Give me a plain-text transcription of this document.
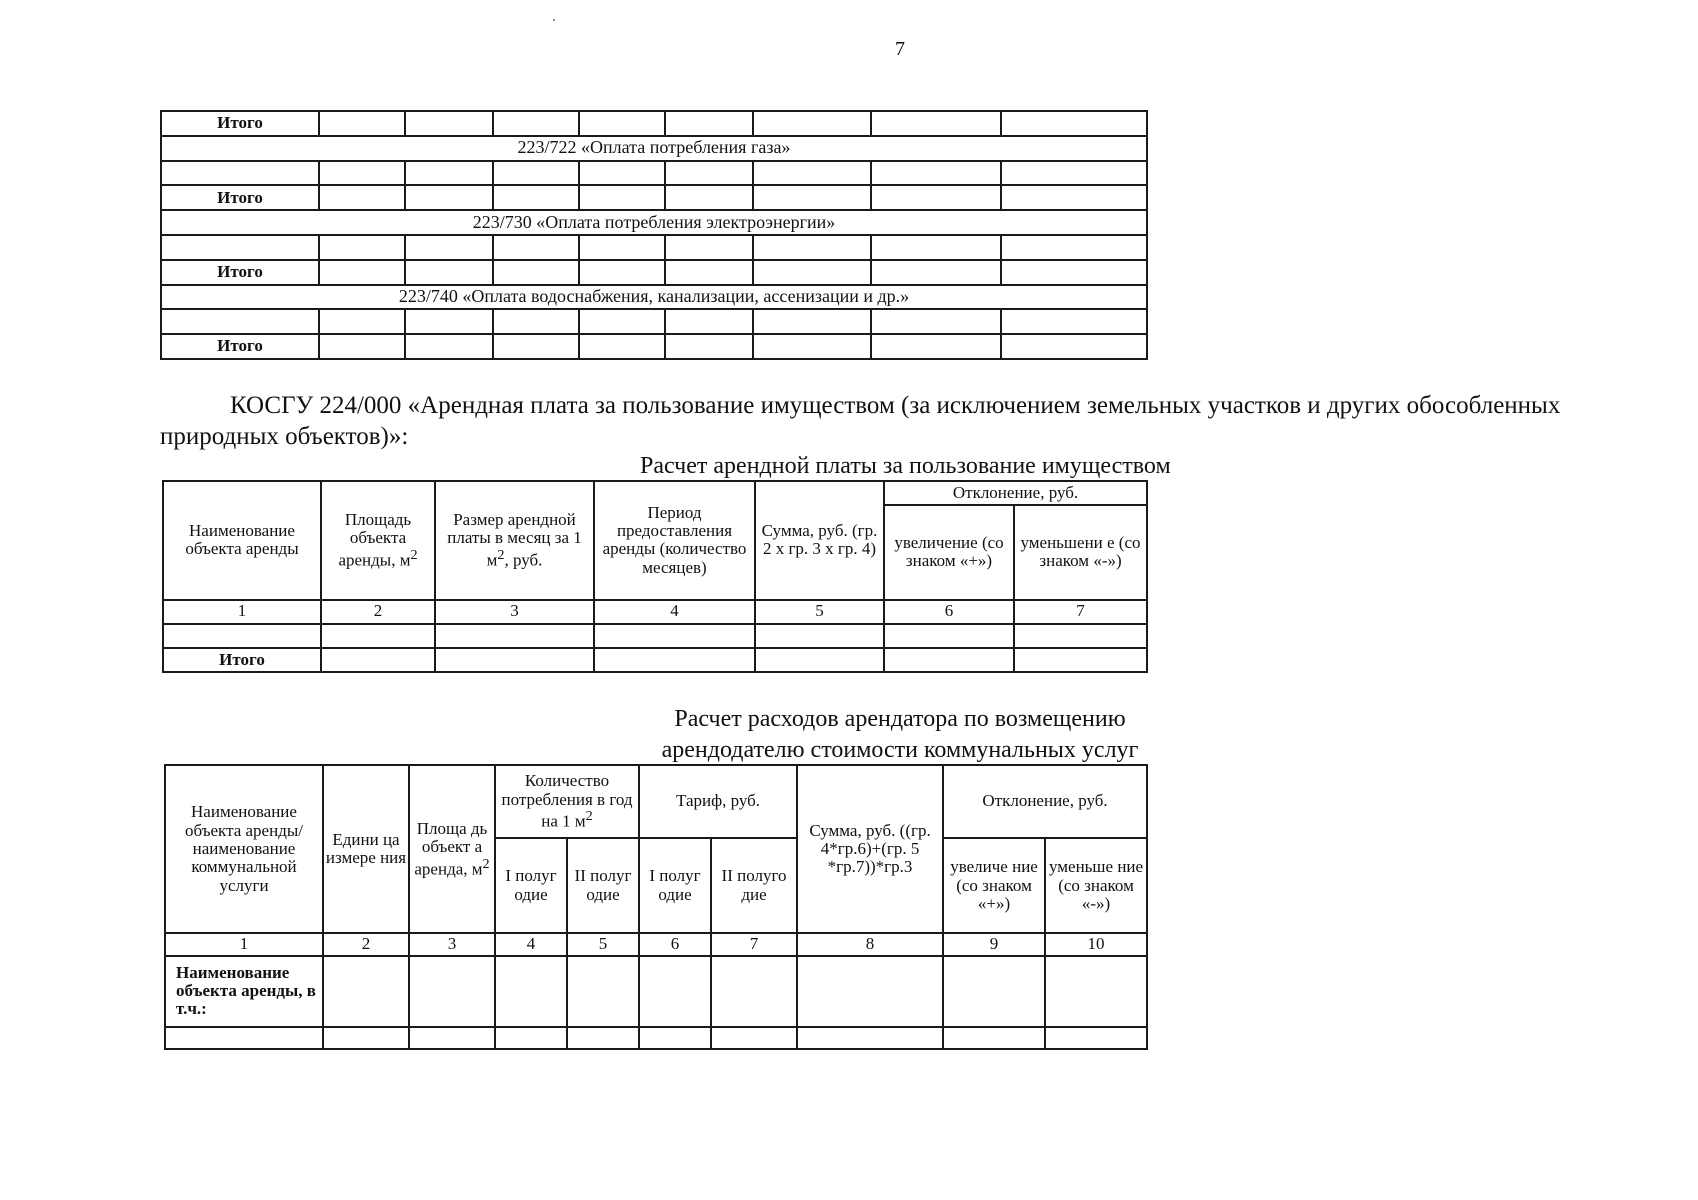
7
Итого								
223/722 «Оплата потребления газа»								

Итого								
223/730 «Оплата потребления электроэнергии»								

Итого								
223/740 «Оплата водоснабжения, канализации, ассенизации и др.»								

Итого								
КОСГУ 224/000 «Арендная плата за пользование имуществом (за исключением земельных участков и других обособленных
природных объектов)»:
Расчет арендной платы за пользование имуществом
Наименование объекта аренды	Площадь объекта аренды, $м^2$	Размер арендной платы в месяц за 1 $м^2$, руб.	Период предоставления аренды (количество месяцев)	Сумма, руб. (гр. 2 х гр. 3 х гр. 4)	Отклонение, руб.	
					увеличение (со знаком «+»)	уменьшени е (со знаком «-»)
1	2	3	4	5	6	7

Итого						
Расчет расходов арендатора по возмещению
арендодателю стоимости коммунальных услуг
Наименование объекта аренды/ наименование коммунальной услуги	Едини ца измере ния	Площа дь объект а аренда, $м^2$	Количество потребления в год на 1 $м^2$		Тариф, руб.		Сумма, руб. ((гр. 4*гр.6)+(гр. 5 *гр.7))*гр.3	Отклонение, руб.	
			I полуг одие	II полуг одие	I полуг одие	II полуго дие		увеличе ние (со знаком «+»)	уменьше ние (со знаком «-»)
1	2	3	4	5	6	7	8	9	10
Наименование объекта аренды, в т.ч.:									
